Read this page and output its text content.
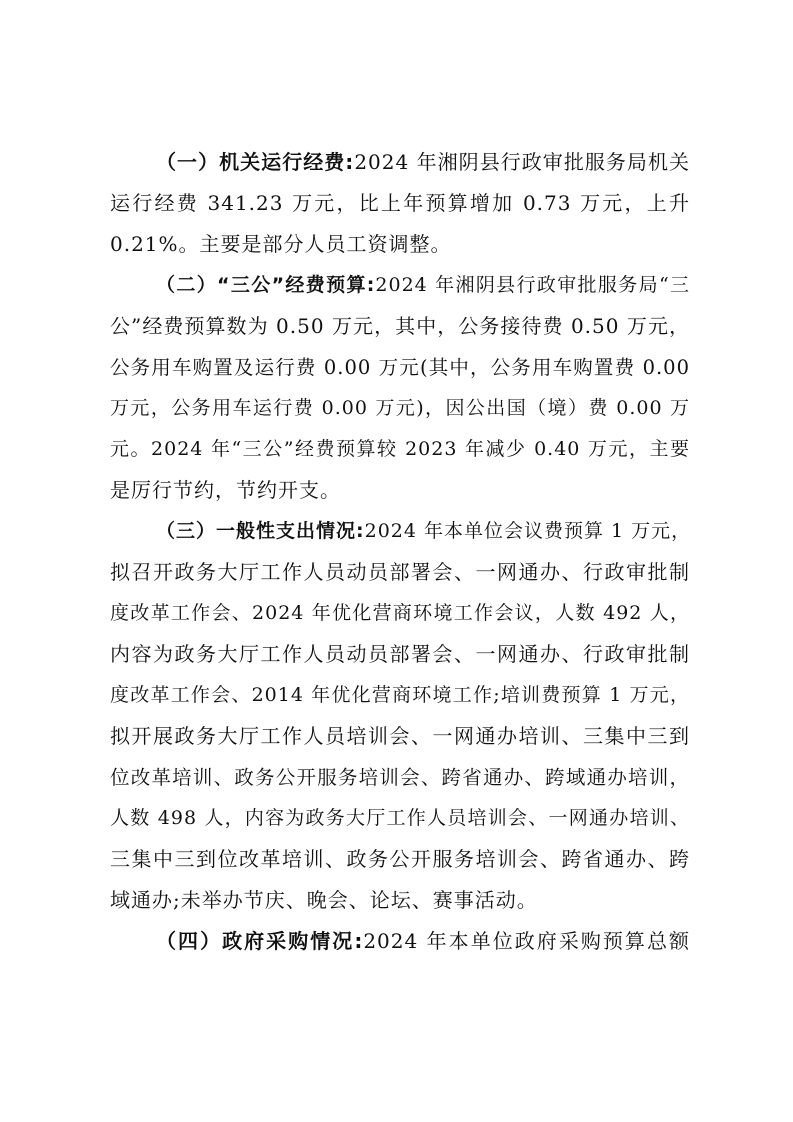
（一）机关运行经费:2024 年湘阴县行政审批服务局机关
运行经费 341.23 万元，比上年预算增加 0.73 万元，上升
0.21%。主要是部分人员工资调整。
（二）“三公”经费预算:2024 年湘阴县行政审批服务局“三
公”经费预算数为 0.50 万元，其中，公务接待费 0.50 万元，
公务用车购置及运行费 0.00 万元(其中，公务用车购置费 0.00
万元，公务用车运行费 0.00 万元)，因公出国（境）费 0.00 万
元。2024 年“三公”经费预算较 2023 年减少 0.40 万元，主要
是厉行节约，节约开支。
（三）一般性支出情况:2024 年本单位会议费预算 1 万元，
拟召开政务大厅工作人员动员部署会、一网通办、行政审批制
度改革工作会、2024 年优化营商环境工作会议，人数 492 人，
内容为政务大厅工作人员动员部署会、一网通办、行政审批制
度改革工作会、2014 年优化营商环境工作;培训费预算 1 万元，
拟开展政务大厅工作人员培训会、一网通办培训、三集中三到
位改革培训、政务公开服务培训会、跨省通办、跨域通办培训，
人数 498 人，内容为政务大厅工作人员培训会、一网通办培训、
三集中三到位改革培训、政务公开服务培训会、跨省通办、跨
域通办;未举办节庆、晚会、论坛、赛事活动。
（四）政府采购情况:2024 年本单位政府采购预算总额
